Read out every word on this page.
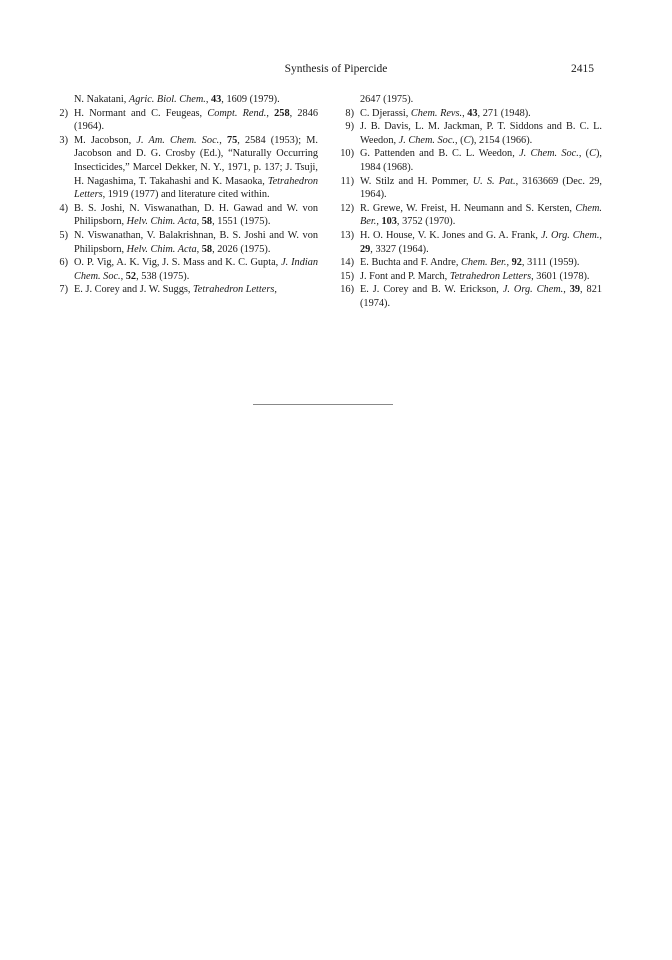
Synthesis of Pipercide	2415
N. Nakatani, Agric. Biol. Chem., 43, 1609 (1979).
2) H. Normant and C. Feugeas, Compt. Rend., 258, 2846 (1964).
3) M. Jacobson, J. Am. Chem. Soc., 75, 2584 (1953); M. Jacobson and D. G. Crosby (Ed.), “Naturally Occurring Insecticides,” Marcel Dekker, N. Y., 1971, p. 137; J. Tsuji, H. Nagashima, T. Takahashi and K. Masaoka, Tetrahedron Letters, 1919 (1977) and literature cited within.
4) B. S. Joshi, N. Viswanathan, D. H. Gawad and W. von Philipsborn, Helv. Chim. Acta, 58, 1551 (1975).
5) N. Viswanathan, V. Balakrishnan, B. S. Joshi and W. von Philipsborn, Helv. Chim. Acta, 58, 2026 (1975).
6) O. P. Vig, A. K. Vig, J. S. Mass and K. C. Gupta, J. Indian Chem. Soc., 52, 538 (1975).
7) E. J. Corey and J. W. Suggs, Tetrahedron Letters,
2647 (1975).
8) C. Djerassi, Chem. Revs., 43, 271 (1948).
9) J. B. Davis, L. M. Jackman, P. T. Siddons and B. C. L. Weedon, J. Chem. Soc., (C), 2154 (1966).
10) G. Pattenden and B. C. L. Weedon, J. Chem. Soc., (C), 1984 (1968).
11) W. Stilz and H. Pommer, U. S. Pat., 3163669 (Dec. 29, 1964).
12) R. Grewe, W. Freist, H. Neumann and S. Kersten, Chem. Ber., 103, 3752 (1970).
13) H. O. House, V. K. Jones and G. A. Frank, J. Org. Chem., 29, 3327 (1964).
14) E. Buchta and F. Andre, Chem. Ber., 92, 3111 (1959).
15) J. Font and P. March, Tetrahedron Letters, 3601 (1978).
16) E. J. Corey and B. W. Erickson, J. Org. Chem., 39, 821 (1974).
